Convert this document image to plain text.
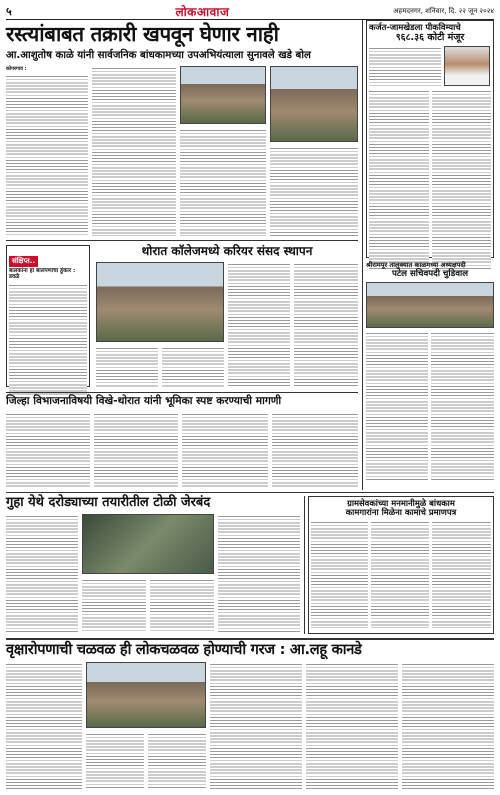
५	लोकआवाज	अहमदनगर, शनिवार, दि. २२ जून २०२४
रस्त्यांबाबत तक्रारी खपवून घेणार नाही
आ.आशुतोष काळे यांनी सार्वजनिक बांधकामच्या उपअभियंत्याला सुनावले खडे बोल
कोपरगाव :
कर्जत-जामखेडला पीकविम्याचे
९६८.३६ कोटी मंजूर
संक्षिप्त..
बालकांना हा बालपणाचा हुंकार : डवळे
थोरात कॉलेजमध्ये करियर संसद स्थापन
श्रीरामपूर तालुक्यात काळमध्या अध्यक्षपदी
पटेल सचिवपदी चुडिवाल
जिल्हा विभाजनाविषयी विखे-थोरात यांनी भूमिका स्पष्ट करण्याची मागणी
गुहा येथे दरोड्याच्या तयारीतील टोळी जेरबंद	ग्रामसेवकांच्या मनमानीमुळे बांधकाम
कामगारांना मिळेना कामाचे प्रमाणपत्र
वृक्षारोपणाची चळवळ ही लोकचळवळ होण्याची गरज : आ.लहू कानडे
